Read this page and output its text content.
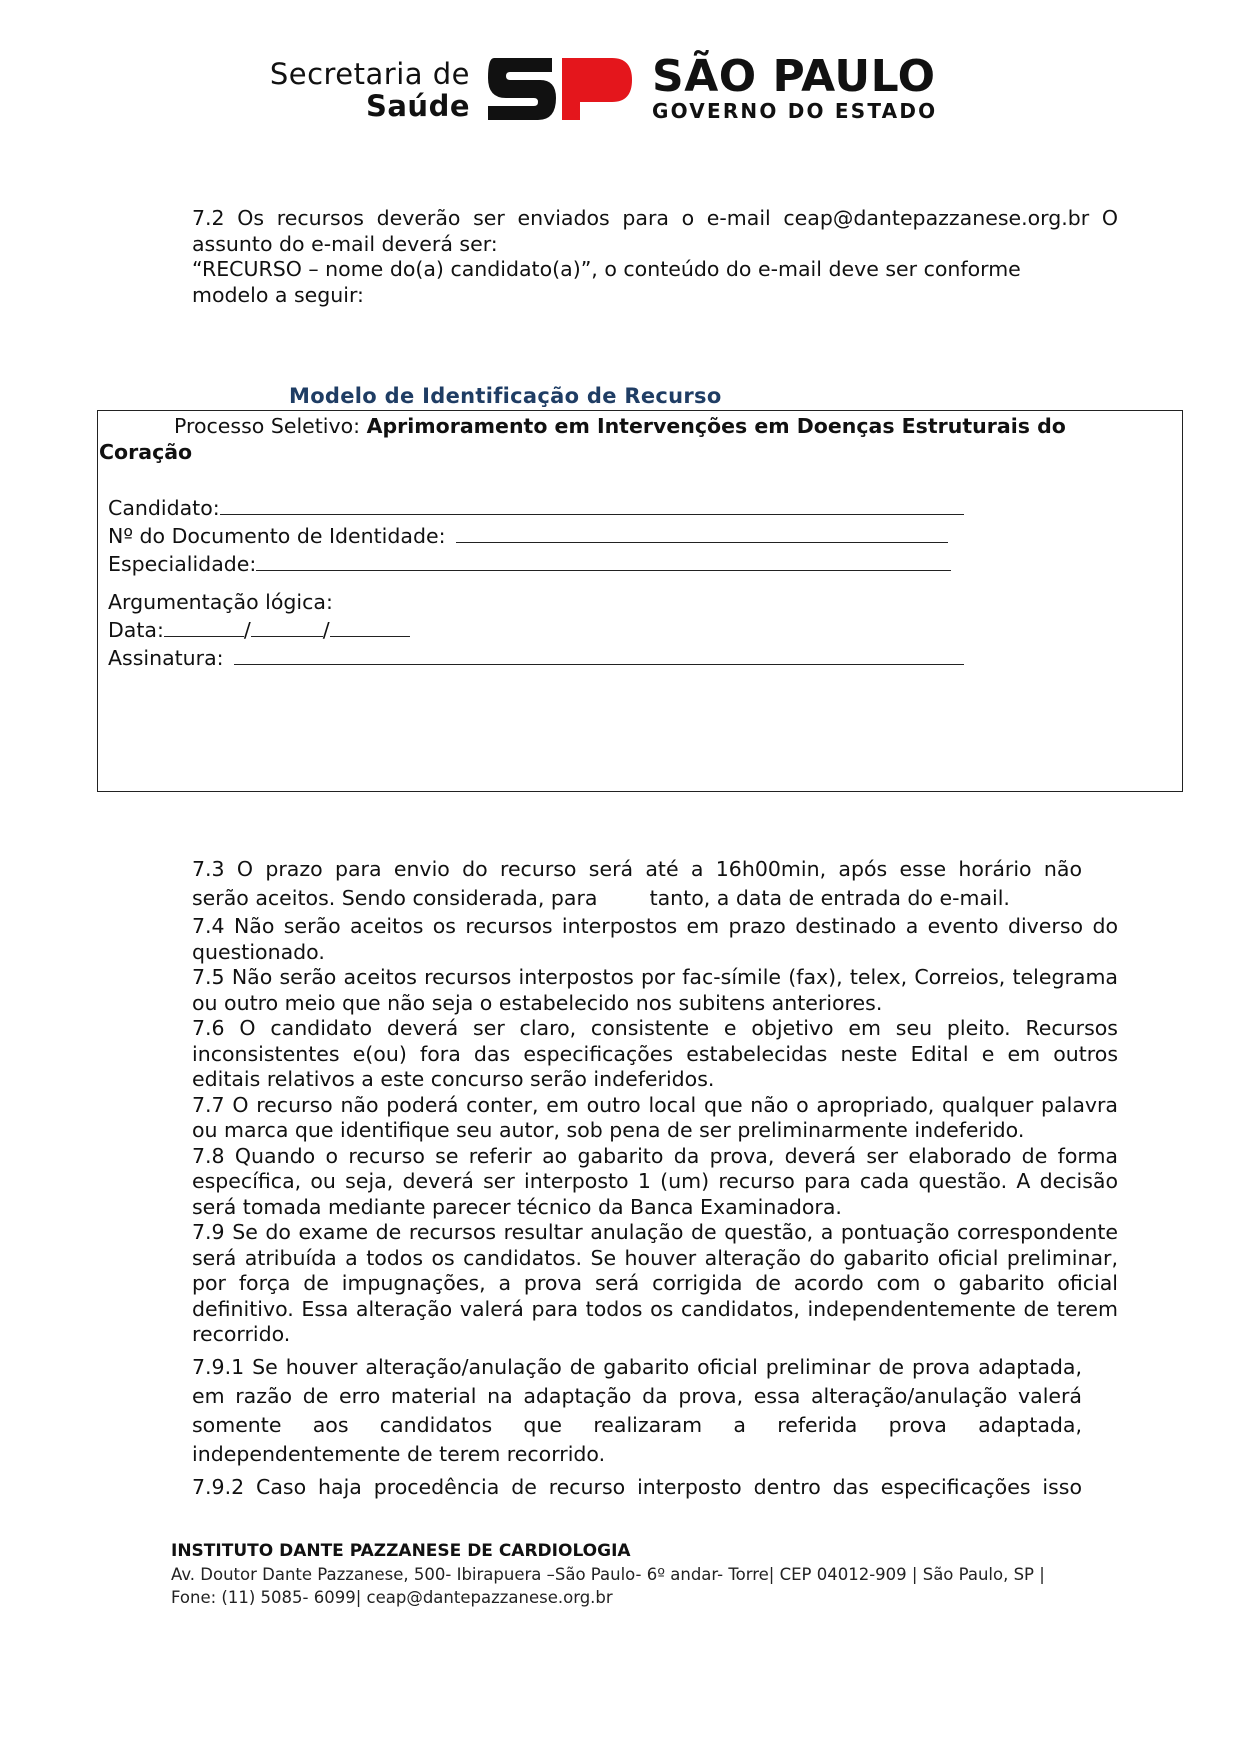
Secretaria de
Saúde
SÃO PAULO
GOVERNO DO ESTADO
7.2 Os recursos deverão ser enviados para o e-mail ceap@dantepazzanese.org.br O
assunto do e-mail deverá ser:
“RECURSO – nome do(a) candidato(a)”, o conteúdo do e-mail deve ser conforme
modelo a seguir:
Modelo de Identificação de Recurso
Processo Seletivo: Aprimoramento em Intervenções em Doenças Estruturais do
Coração
Candidato:
Nº do Documento de Identidade:
Especialidade:
Argumentação lógica:
Data:	/	/
Assinatura:
7.3 O prazo para envio do recurso será até a 16h00min, após esse horário não
serão aceitos. Sendo considerada, para        tanto, a data de entrada do e-mail.
7.4 Não serão aceitos os recursos interpostos em prazo destinado a evento diverso do questionado.
7.5 Não serão aceitos recursos interpostos por fac-símile (fax), telex, Correios, telegrama ou outro meio que não seja o estabelecido nos subitens anteriores.
7.6 O candidato deverá ser claro, consistente e objetivo em seu pleito. Recursos inconsistentes e(ou) fora das especificações estabelecidas neste Edital e em outros editais relativos a este concurso serão indeferidos.
7.7 O recurso não poderá conter, em outro local que não o apropriado, qualquer palavra ou marca que identifique seu autor, sob pena de ser preliminarmente indeferido.
7.8 Quando o recurso se referir ao gabarito da prova, deverá ser elaborado de forma específica, ou seja, deverá ser interposto 1 (um) recurso para cada questão. A decisão será tomada mediante parecer técnico da Banca Examinadora.
7.9 Se do exame de recursos resultar anulação de questão, a pontuação correspondente será atribuída a todos os candidatos. Se houver alteração do gabarito oficial preliminar, por força de impugnações, a prova será corrigida de acordo com o gabarito oficial definitivo. Essa alteração valerá para todos os candidatos, independentemente de terem recorrido.
7.9.1 Se houver alteração/anulação de gabarito oficial preliminar de prova adaptada, em razão de erro material na adaptação da prova, essa alteração/anulação valerá somente aos candidatos que realizaram a referida prova adaptada, independentemente de terem recorrido.
7.9.2 Caso haja procedência de recurso interposto dentro das especificações isso
INSTITUTO DANTE PAZZANESE DE CARDIOLOGIA
Av. Doutor Dante Pazzanese, 500- Ibirapuera –São Paulo- 6º andar- Torre| CEP 04012-909 | São Paulo, SP |
Fone: (11) 5085- 6099| ceap@dantepazzanese.org.br
